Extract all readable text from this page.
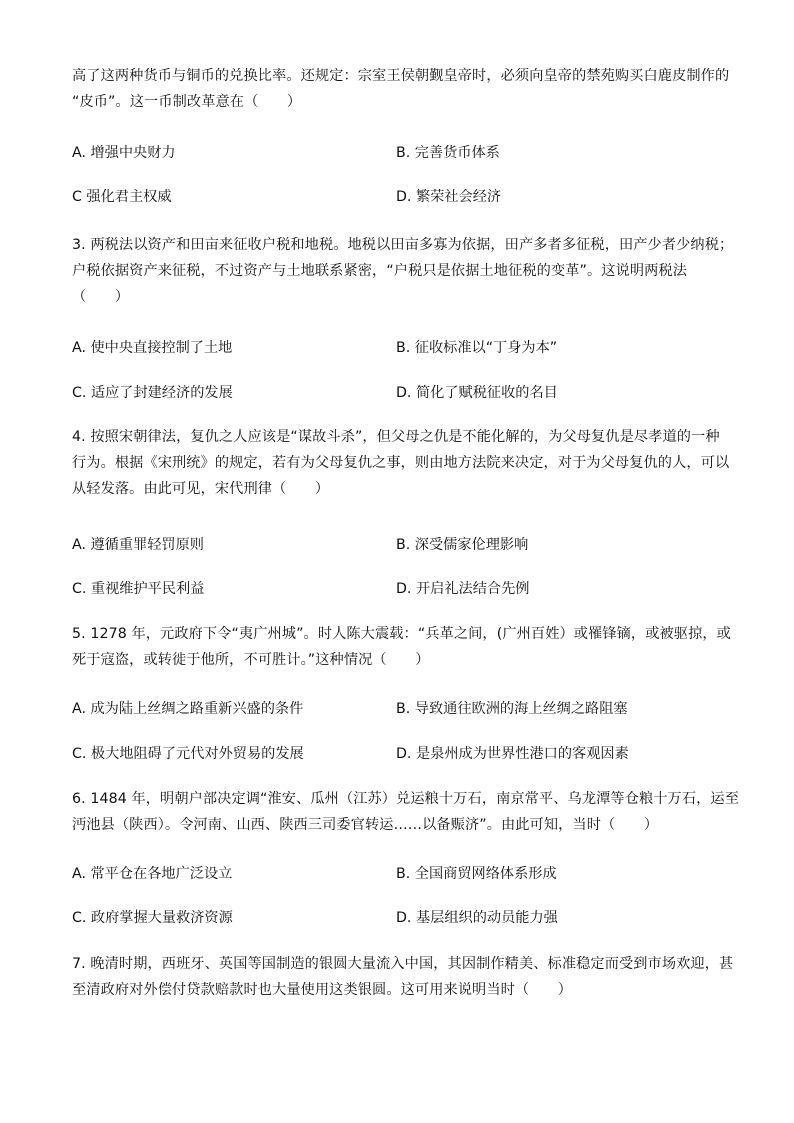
高了这两种货币与铜币的兑换比率。还规定：宗室王侯朝觐皇帝时，必须向皇帝的禁苑购买白鹿皮制作的
“皮币”。这一币制改革意在（　　）
A. 增强中央财力	B. 完善货币体系
C 强化君主权威	D. 繁荣社会经济
3. 两税法以资产和田亩来征收户税和地税。地税以田亩多寡为依据，田产多者多征税，田产少者少纳税；
户税依据资产来征税，不过资产与土地联系紧密，“户税只是依据土地征税的变革”。这说明两税法
（　　）
A. 使中央直接控制了土地	B. 征收标准以“丁身为本”
C. 适应了封建经济的发展	D. 简化了赋税征收的名目
4. 按照宋朝律法，复仇之人应该是“谋故斗杀”，但父母之仇是不能化解的，为父母复仇是尽孝道的一种
行为。根据《宋刑统》的规定，若有为父母复仇之事，则由地方法院来决定，对于为父母复仇的人，可以
从轻发落。由此可见，宋代刑律（　　）
A. 遵循重罪轻罚原则	B. 深受儒家伦理影响
C. 重视维护平民利益	D. 开启礼法结合先例
5. 1278 年，元政府下令“夷广州城”。时人陈大震载：“兵革之间，(广州百姓）或罹锋镝，或被驱掠，或
死于寇盗，或转徙于他所，不可胜计。”这种情况（　　）
A. 成为陆上丝绸之路重新兴盛的条件	B. 导致通往欧洲的海上丝绸之路阻塞
C. 极大地阻碍了元代对外贸易的发展	D. 是泉州成为世界性港口的客观因素
6. 1484 年，明朝户部决定调“淮安、瓜州（江苏）兑运粮十万石，南京常平、乌龙潭等仓粮十万石，运至
沔池县（陕西）。令河南、山西、陕西三司委官转运……以备赈济”。由此可知，当时（　　）
A. 常平仓在各地广泛设立	B. 全国商贸网络体系形成
C. 政府掌握大量救济资源	D. 基层组织的动员能力强
7. 晚清时期，西班牙、英国等国制造的银圆大量流入中国，其因制作精美、标准稳定而受到市场欢迎，甚
至清政府对外偿付贷款赔款时也大量使用这类银圆。这可用来说明当时（　　）
